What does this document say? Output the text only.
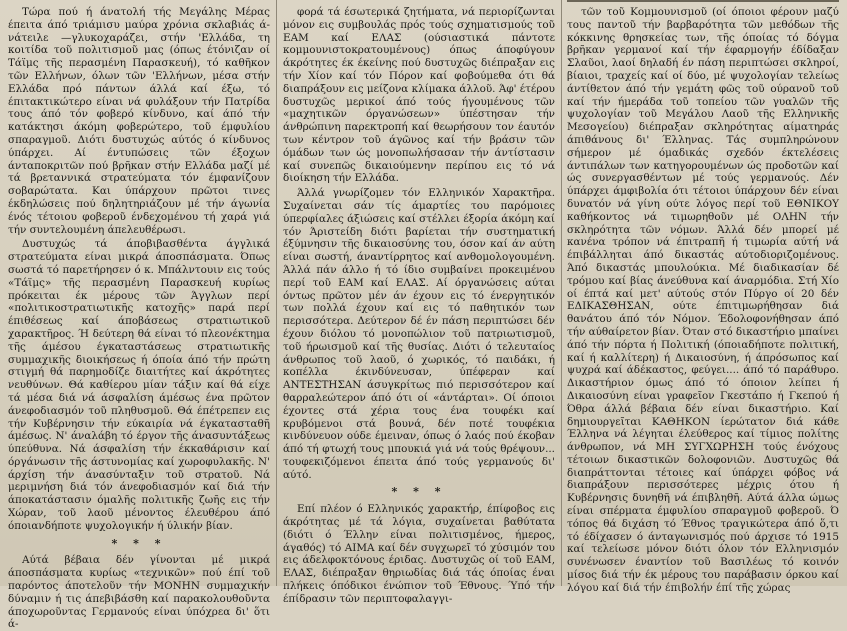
Τώρα πού ή άνατολή τής Μεγάλης Μέρας έπειτα άπό τριάμισυ μαύρα χρόνια σκλαβιάς ά-νάτειλε —γλυκοχαράζει, στήν 'Ελλάδα, τη κοιτίδα τοῦ πολιτισμοῦ μας (όπως έτόνιζαν οί Τάϊμς τῆς περασμένη Παρασκευή), τό καθῆκον τῶν Ελλήνων, όλων τῶν 'Ελλήνων, μέσα στήν Ελλάδα πρό πάντων άλλά καί έξω, τό έπιτακτικώτερο είναι νά φυλάξουν τήν Πατρίδα τους άπό τόν φοβερό κίνδυνο, καί άπό τήν κατάκτησι άκόμη φοβερώτερο, τοῦ έμφυλίου σπαραγμοῦ. Διότι δυστυχώς αύτός ό κίνδυνος ύπάρχει. Αί έντυπώσεις τῶν έξοχων άνταποκριτῶν πού βρῆκαν στήν Ελλάδα μαζί μέ τά βρεταννικά στρατεύματα τόν έμφανίζουν σοβαρώτατα. Και ύπάρχουν πρῶτοι τινες έκδηλώσεις πού δηλητηριάζουν μέ τήν άγωνία ένός τέτοιου φοβεροῦ ένδεχομένου τή χαρά γιά τήν συντελουμένη άπελευθέρωσι.

Δυστυχώς τά άποβιβασθέντα άγγλικά στρατεύματα είναι μικρά άποσπάσματα. Όπως σωστά τό παρετήρησεν ό κ. Μπάλντουιν εις τούς «Τάϊμς» τῆς περασμένη Παρασκευή κυρίως πρόκειται έκ μέρους τῶν Άγγλων περί «πολιτικοστρατιωτικῆς κατοχῆς» παρά περί έπιθέσεως καί άποβάσεως στρατιωτικοῦ χαρακτῆρος. Ή δεύτερη θά είναι τό πλεονέκτημα τῆς άμέσου έγκαταστάσεως στρατιωτικῆς συμμαχικῆς διοικήσεως ή όποία άπό τήν πρώτη στιγμή θά παρημοδίζε διαιτήτες καί άκρότητες νευθύνων. Θά καθίερου μίαν τάξιν καί θά είχε τά μέσα διά νά άσφαλίση άμέσως ένα πρῶτον άνεφοδιασμόν τοῦ πληθυσμοῦ. Θά έπέτρεπεν εις τήν Κυβέρνησιν τήν εύκαιρία νά έγκατασταθῆ άμέσως. Ν' άναλάβη τό έργον τῆς άνασυντάξεως ύπεύθυνα. Νά άσφαλίση τήν έκκαθάρισιν καί όργάνωσιν τῆς άστυνομίας καί χωροφυλακῆς. Ν' άρχίση τήν άνασύνταξιν τοῦ στρατοῦ. Νά μεριμνήση διά τόν άνεφοδιασμόν καί διά τήν άποκατάστασιν όμαλῆς πολιτικῆς ζωῆς εις τήν Χώραν, τοῦ λαοῦ μένοντος έλευθέρου άπό όποιανδήποτε ψυχολογικήν ή ύλικήν βίαν.

* * *

Αύτά βέβαια δέν γίνονται μέ μικρά άποσπάσματα κυρίως «τεχνικῶν» πού έπί τοῦ παρόντος άποτελοῦν τήν ΜΟΝΗΝ συμμαχικήν δύναμιν ή τις άπεβιβάσθη καί παρακολουθοῦντα άποχωροῦντας Γερμανούς είναι ύπόχρεα δι' ὅτι ά-

φορά τά έσωτερικά ζητήματα, νά περιορίζωνται μόνον εις συμβουλάς πρός τούς σχηματισμούς τοῦ ΕΑΜ καί ΕΛΑΣ (ούσιαστικά πάντοτε κομμουνιστοκρατουμένους) όπως άποφύγουν άκρότητες έκ έκείνης πού δυστυχῶς διέπραξαν εις τήν Χίον καί τόν Πόρον καί φοβούμεθα ότι θά διαπράξουν εις μείζονα κλίμακα άλλοῦ. Άφ' έτέρου δυστυχῶς μερικοί άπό τούς ήγουμένους τῶν «μαχητικῶν όργανώσεων» ύπέστησαν τήν άνθρώπινη παρεκτροπή καί θεωρήσουν τον έαυτόν των κέντρον τοῦ άγῶνος καί τήν βράσιν τῶν όμάδων των ώς μονοπωλήσασαν τήν άντίστασιν καί συνεπῶς δικαιούμενην περίπου εις τό νά διοίκηση τήν Ελλάδα.

Άλλά γνωρίζομεν τόν Ελληνικόν Χαρακτῆρα. Συχαίνεται σάν τίς άμαρτίες του παρόμοιες ύπερφίαλες άξιώσεις καί στέλλει έξορία άκόμη καί τόν Άριστείδη διότι βαρίεται τήν συστηματική έξύμνησιν τῆς δικαιοσύνης του, όσον καί άν αύτη είναι σωστή, άναντίρρητος καί ανθομολογουμένη. Άλλά πάν άλλο ή τό ίδιο συμβαίνει προκειμένου περί τοῦ ΕΑΜ καί ΕΛΑΣ. Αί όργανώσεις αύται όντως πρῶτον μέν άν έχουν εις τό ένεργητικόν των πολλά έχουν καί εις τό παθητικόν των περισσότερα. Δεύτερον δέ έν πάση περιπτώσει δέν έχουν διόλου τό μονοπώλιον τοῦ πατριωτισμοῦ, τοῦ ήρωισμοῦ καί τῆς θυσίας. Διότι ό τελευταίος άνθρωπος τοῦ λαοῦ, ό χωρικός, τό παιδάκι, ή κοπέλλα έκινδύνευσαν, ύπέφεραν καί ΑΝΤΕΣΤΗΣΑΝ άσυγκρίτως πιό περισσότερον καί θαρραλεώτερον άπό ότι οί «άντάρται». Οί όποιοι έχοντες στά χέρια τους ένα τουφέκι καί κρυβόμενοι στά βουνά, δέν ποτέ τουφέκια κινδύνευον ούδε έμειναν, όπως ό λαός πού έκοβαν άπό τή φτωχή τους μπουκιά γιά νά τούς θρέψουν... τουφεκιζόμενοι έπειτα άπό τούς γερμανούς δι' αύτό.

* * *

Επί πλέον ό Ελληνικός χαρακτήρ, έπίφοβος εις άκρότητας μέ τά λόγια, συχαίνεται βαθύτατα (διότι ό Έλλην είναι πολιτισμένος, ήμερος, άγαθός) τό ΑΙΜΑ καί δέν συγχωρεῖ τό χύσιμόν του εις άδελφοκτόνους έριδας. Δυστυχῶς οί τοῦ ΕΑΜ, ΕΛΑΣ, διέπραξαν θηριωδίας διά τάς όποίας έναι πλήκεις όπόδικοι ένώπιον τοῦ Έθνους. Ύπό τήν έπίδρασιν τῶν περιπτοφαλαγγι-

τῶν τοῦ Κομμουνισμοῦ (οί όποιοι φέρουν μαζύ τους παντοῦ τήν βαρβαρότητα τῶν μεθόδων τῆς κόκκινης θρησκείας των, τῆς όποίας τό δόγμα βρῆκαν γερμανοί καί τήν έφαρμογήν έδίδαξαν Σλαῦοι, λαοί δηλαδή έν πάση περιπτώσει σκληροί, βίαιοι, τραχείς καί οί δύο, μέ ψυχολογίαν τελείως άντίθετον άπό τήν γεμάτη φῶς τοῦ ούρανοῦ τοῦ καί τήν ήμεράδα τοῦ τοπείου τῶν γυαλῶν τῆς ψυχολογίαν τοῦ Μεγάλου Λαοῦ τῆς Ελληνικῆς Μεσογείου) διέπραξαν σκληρότητας αίματηράς άπιθάνους δι' Έλληνας. Τάς συμπληρώνουν σήμερον μέ όμαδικάς σχεδόν έκτελέσεις άντιπάλων των κατηγορουμένων ώς προδοτῶν καί ώς συνεργασθέντων μέ τούς γερμανούς. Δέν ύπάρχει άμφιβολία ότι τέτοιοι ύπάρχουν δέν είναι δυνατόν νά γίνη ούτε λόγος περί τοῦ ΕΘΝΙΚΟΥ καθήκοντος νά τιμωρηθοῦν μέ ΟΛΗΝ τήν σκληρότητα τῶν νόμων. Άλλά δέν μπορεί μέ κανένα τρόπον νά έπιτραπῆ ή τιμωρία αύτή νά έπιβάλληται άπό δικαστάς αύτοδιοριζομένους. Άπό δικαστάς μπουλούκια. Μέ διαδικασίαν δέ τρόμου καί βίας άνεύθυνα καί άναρμόδια. Στή Χίο οί έπτά καί μετ' αύτούς στόν Πύργο οί 20 δέν ΕΔΙΚΑΣΘΗΣΑΝ, ούτε έπιτιμωρήθησαν διά θανάτου άπό τόν Νόμον. Έδολοφονήθησαν άπό τήν αύθαίρετον βίαν. Όταν στό δικαστήριο μπαίνει άπό τήν πόρτα ή Πολιτική (όποιαδήποτε πολιτική, καί ή καλλίτερη) ή Δικαιοσύνη, ή άπρόσωπος καί ψυχρά καί άδέκαστος, φεύγει.... άπό τό παράθυρο. Δικαστήριον όμως άπό τό όποιον λείπει ή Δικαιοσύνη είναι γραφεῖον Γκεστάπο ή Γκεπού ή Όθρα άλλά βέβαια δέν είναι δικαστήριο. Καί δημιουργεῖται ΚΑΘΗΚΟΝ ίερώτατον διά κάθε Έλληνα νά λέγηται έλεύθερος καί τίμιος πολίτης άνθρωπον, νά ΜΗ ΣΥΓΧΩΡΗΣΗ τούς ένόχους τέτοιων δικαστικῶν δολοφονιῶν. Δυστυχῶς θά διαπράττονται τέτοιες καί ύπάρχει φόβος νά διαπράξουν περισσότερες μέχρις ότου ή Κυβέρνησις δυνηθῆ νά έπιβληθῆ. Αύτά άλλα ώμως είναι σπέρματα έμφυλίου σπαραγμοῦ φοβεροῦ. Ό τόπος θά διχάση τό Έθνος τραγικώτερα άπό ὅ,τι τό έδίχασεν ό άνταγωνισμός πού άρχισε τό 1915 καί τελείωσε μόνον διότι όλον τόν Ελληνισμόν συνένωσεν έναντίον τοῦ Βασιλέως τό κοινόν μίσος διά τήν έκ μέρους του παράβασιν όρκου καί λόγου καί διά τήν έπιβολήν έπί τῆς χώρας
